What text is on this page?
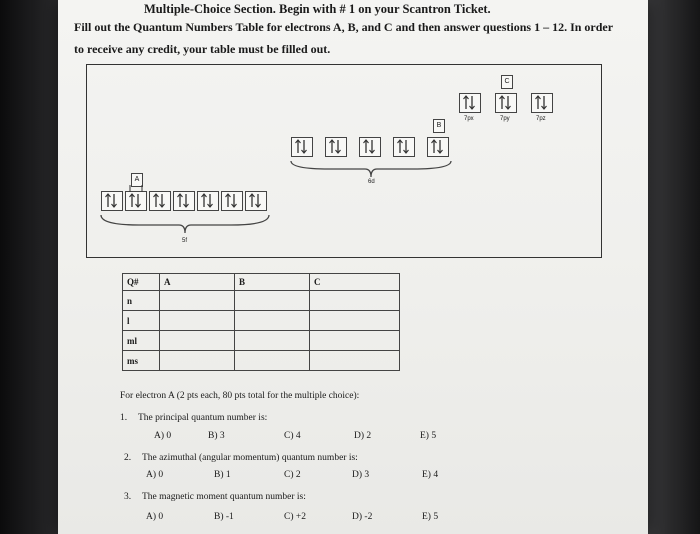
Multiple-Choice Section. Begin with # 1 on your Scantron Ticket.
Fill out the Quantum Numbers Table for electrons A, B, and C and then answer questions 1 – 12. In order
to receive any credit, your table must be filled out.
A
5f
B
6d
C
7px	7py	7pz
Q#	A	B	C
n			
l			
ml			
ms			
For electron A (2 pts each, 80 pts total for the multiple choice):
1. The principal quantum number is:
A) 0	B) 3	C) 4	D) 2	E) 5
2. The azimuthal (angular momentum) quantum number is:
A) 0	B) 1	C) 2	D) 3	E) 4
3. The magnetic moment quantum number is:
A) 0	B) -1	C) +2	D) -2	E) 5
